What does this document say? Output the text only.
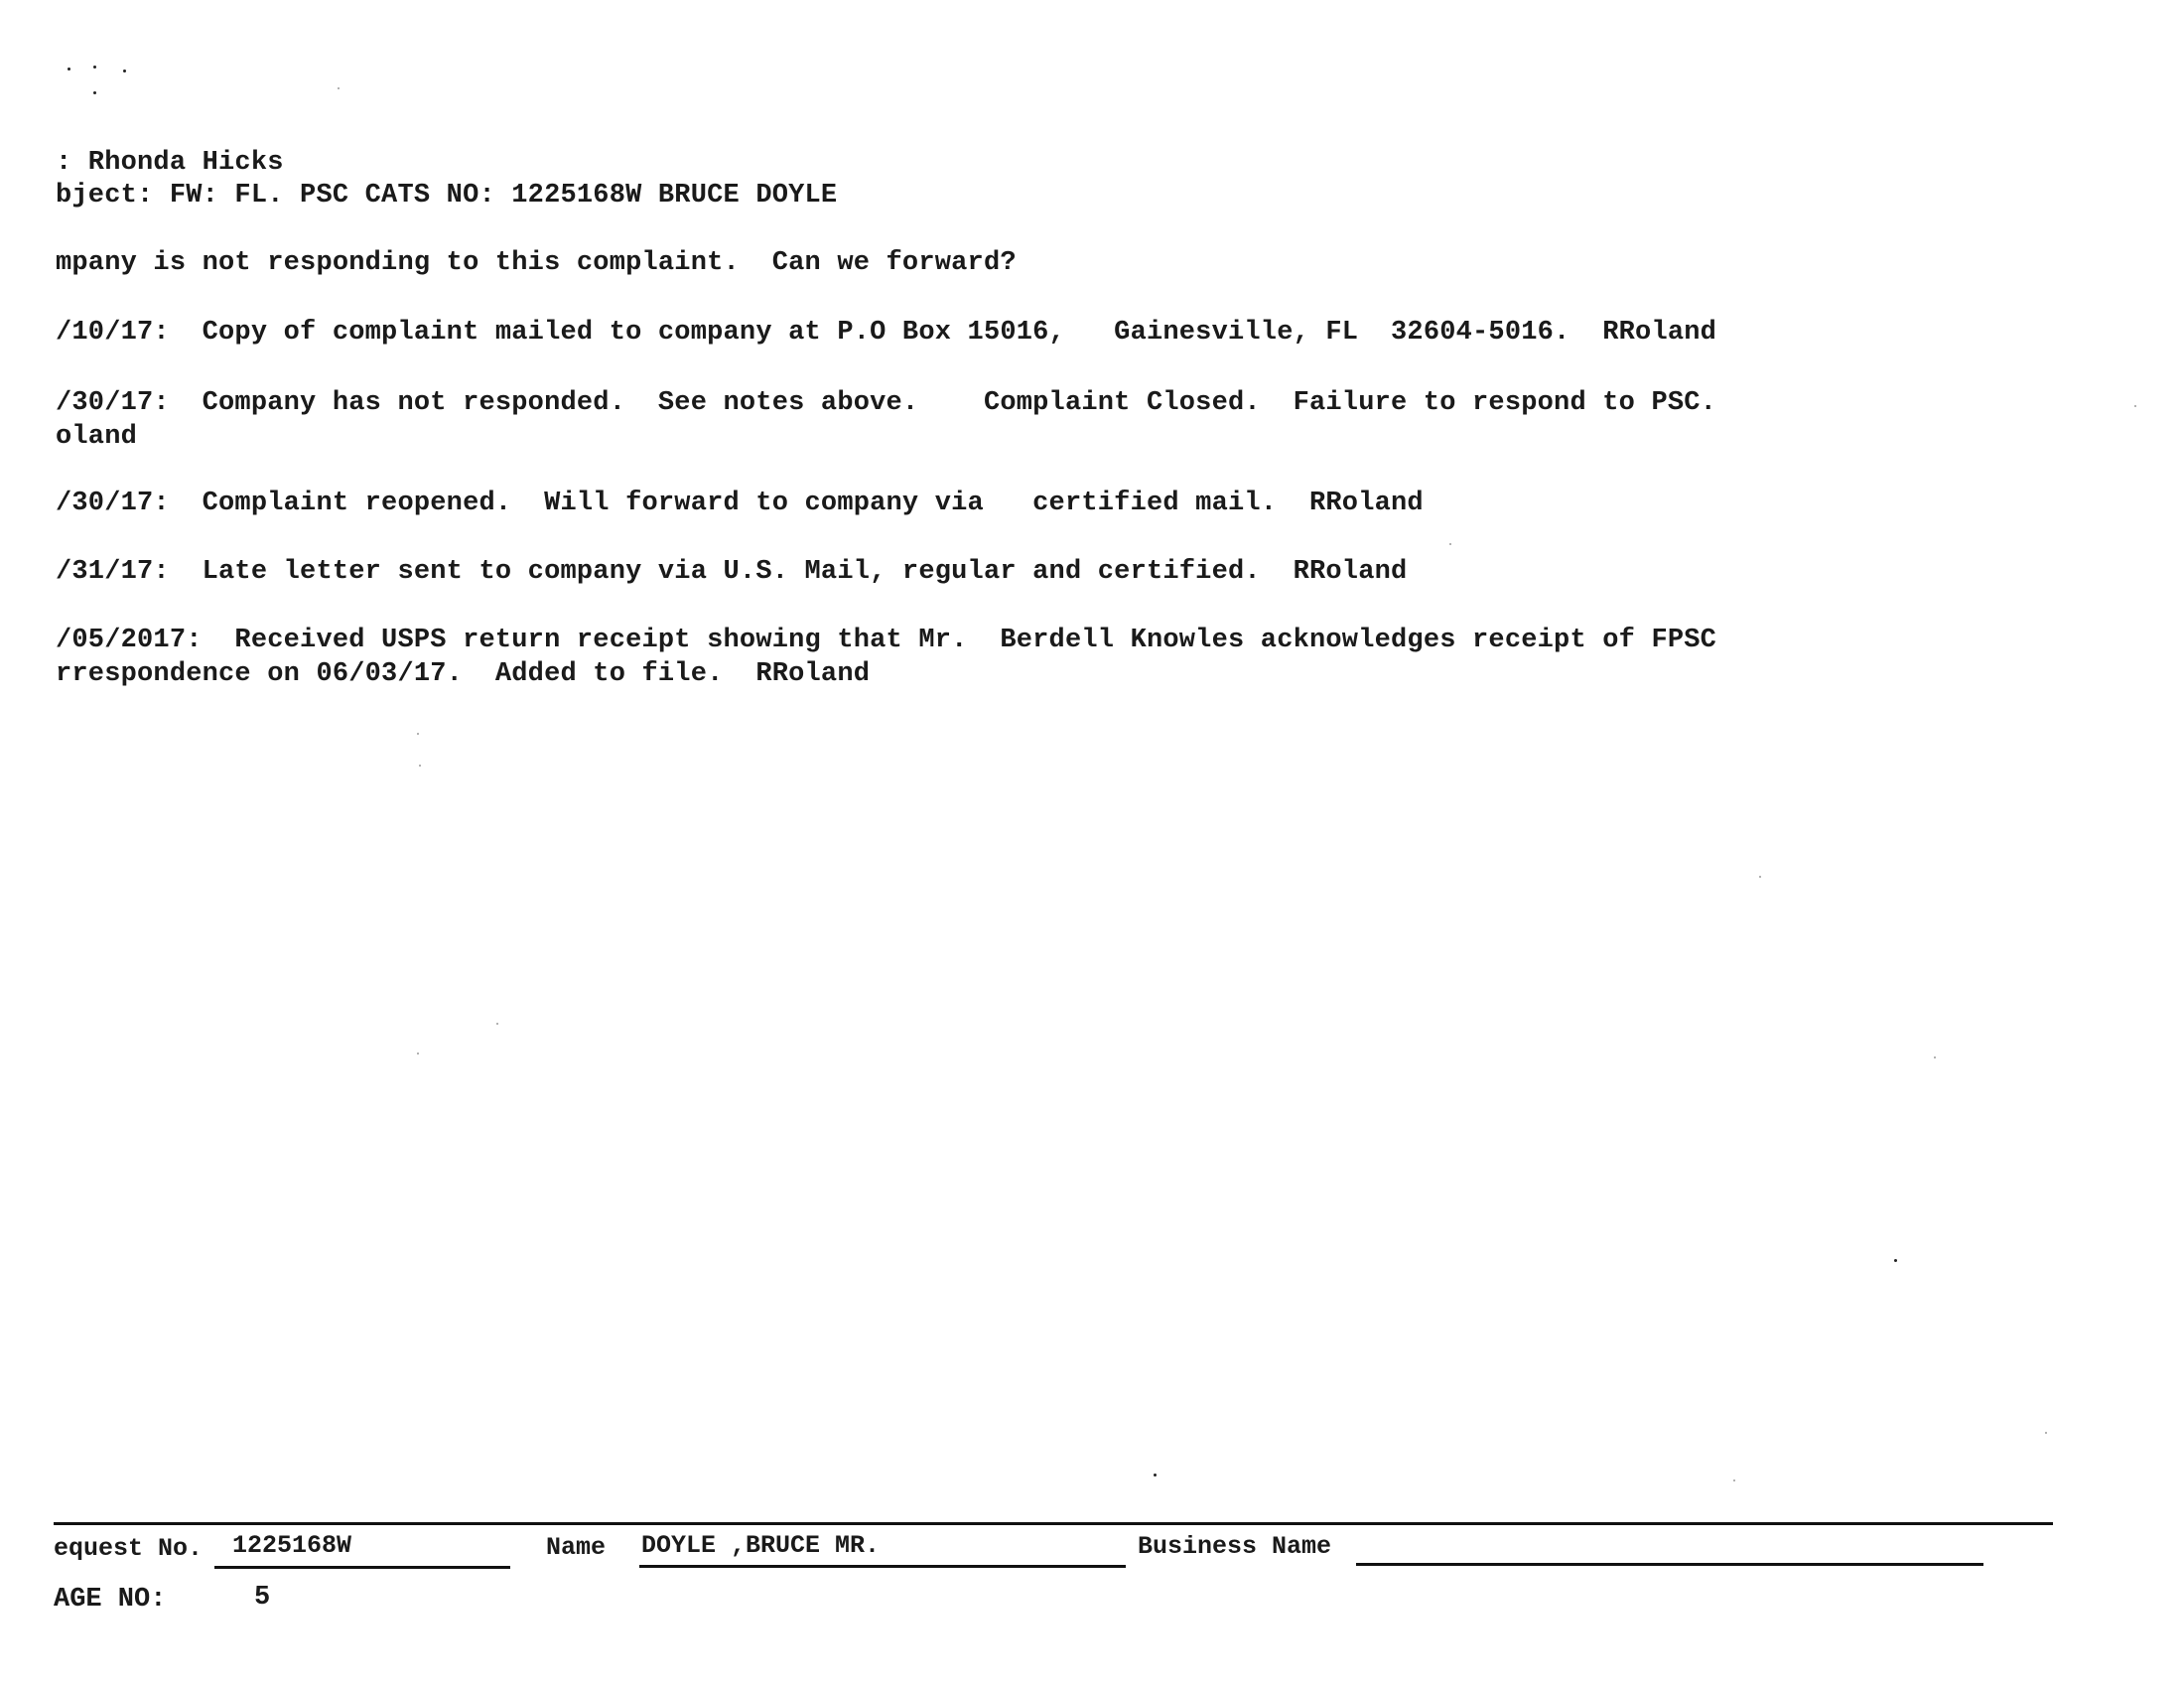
: Rhonda Hicks
bject: FW: FL. PSC CATS NO: 1225168W BRUCE DOYLE
mpany is not responding to this complaint.  Can we forward?
/10/17:  Copy of complaint mailed to company at P.O Box 15016,   Gainesville, FL  32604-5016.  RRoland
/30/17:  Company has not responded.  See notes above.    Complaint Closed.  Failure to respond to PSC.
oland
/30/17:  Complaint reopened.  Will forward to company via   certified mail.  RRoland
/31/17:  Late letter sent to company via U.S. Mail, regular and certified.  RRoland
/05/2017:  Received USPS return receipt showing that Mr.  Berdell Knowles acknowledges receipt of FPSC
rrespondence on 06/03/17.  Added to file.  RRoland
equest No. 1225168W	Name DOYLE ,BRUCE MR.	Business Name
AGE NO:	5
